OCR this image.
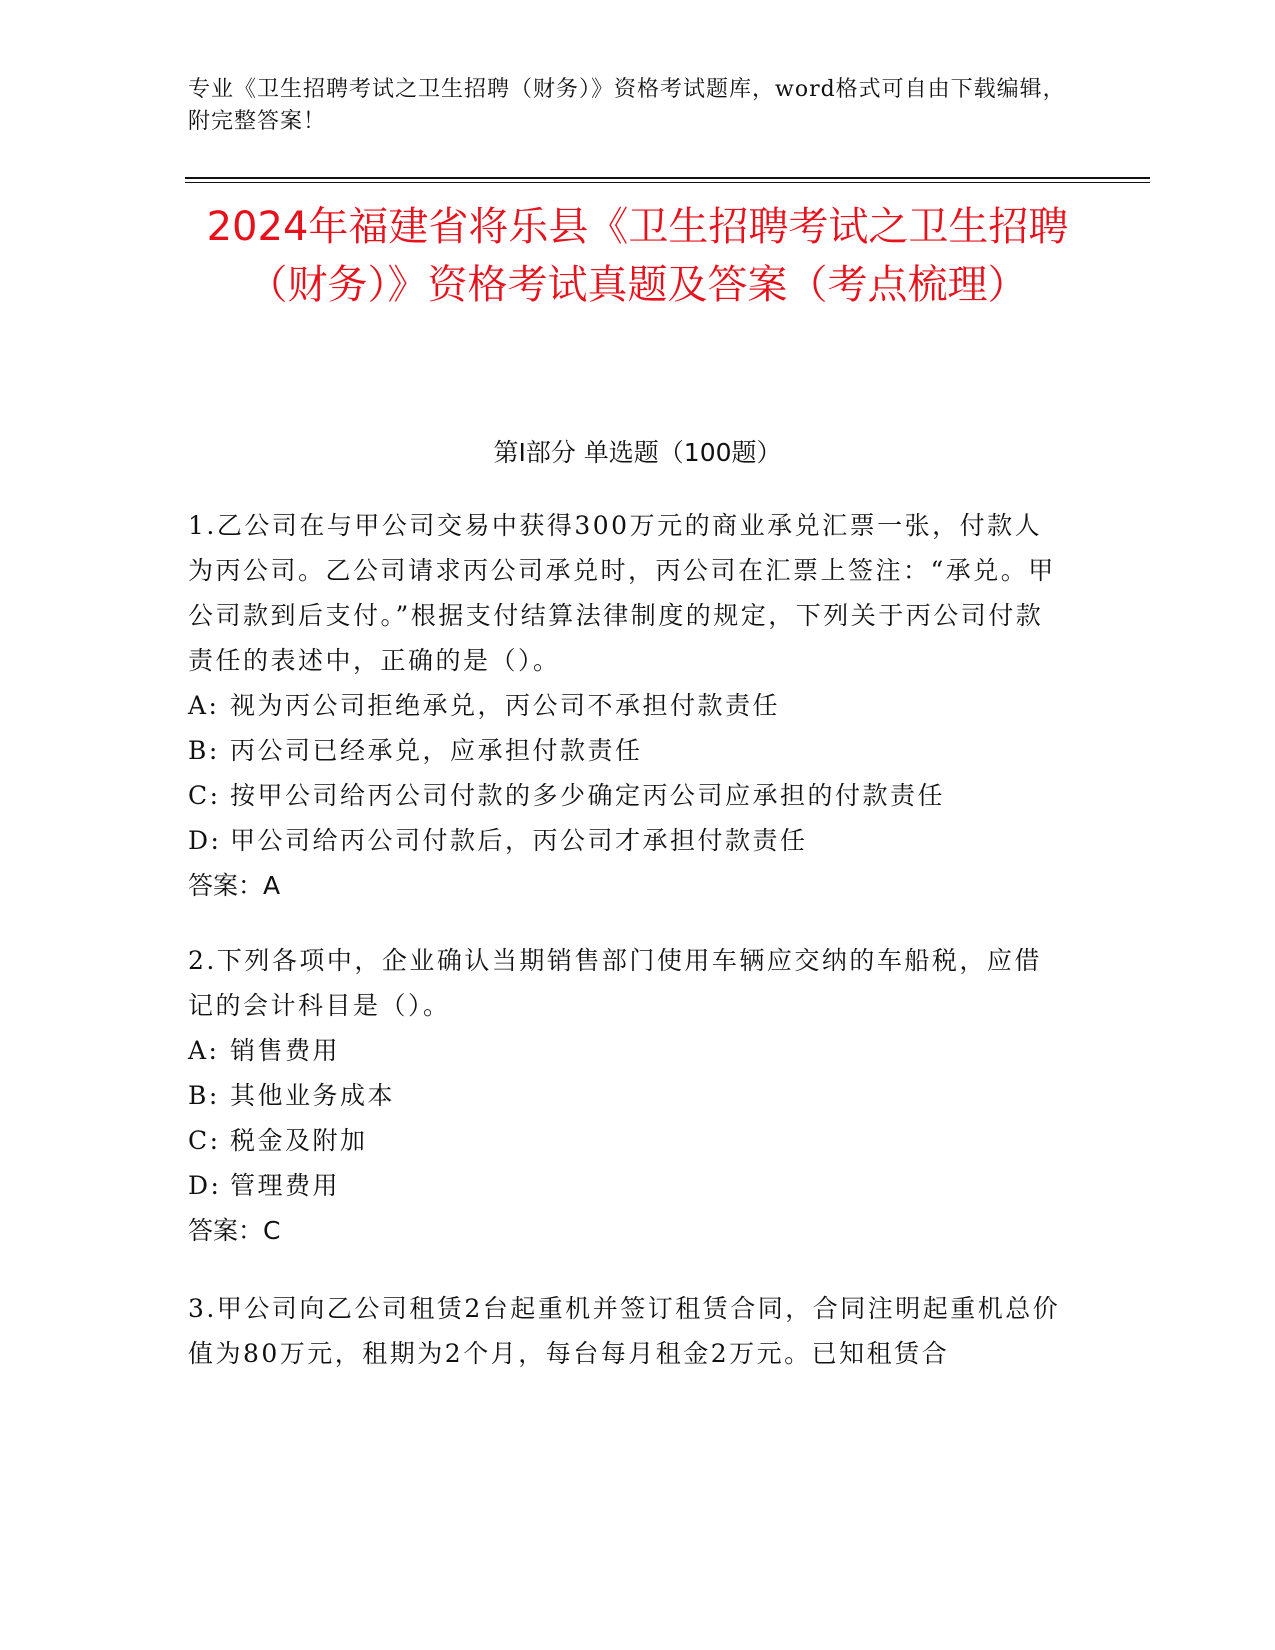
专业《卫生招聘考试之卫生招聘（财务）》资格考试题库，word格式可自由下载编辑，附完整答案！
2024年福建省将乐县《卫生招聘考试之卫生招聘（财务）》资格考试真题及答案（考点梳理）
第Ⅰ部分 单选题（100题）

1.乙公司在与甲公司交易中获得300万元的商业承兑汇票一张，付款人为丙公司。乙公司请求丙公司承兑时，丙公司在汇票上签注：“承兑。甲公司款到后支付。”根据支付结算法律制度的规定，下列关于丙公司付款责任的表述中，正确的是（）。

A: 视为丙公司拒绝承兑，丙公司不承担付款责任

B: 丙公司已经承兑，应承担付款责任

C: 按甲公司给丙公司付款的多少确定丙公司应承担的付款责任

D: 甲公司给丙公司付款后，丙公司才承担付款责任

答案：A

2.下列各项中，企业确认当期销售部门使用车辆应交纳的车船税，应借记的会计科目是（）。

A: 销售费用

B: 其他业务成本

C: 税金及附加

D: 管理费用

答案：C

3.甲公司向乙公司租赁2台起重机并签订租赁合同，合同注明起重机总价值为80万元，租期为2个月，每台每月租金2万元。已知租赁合
